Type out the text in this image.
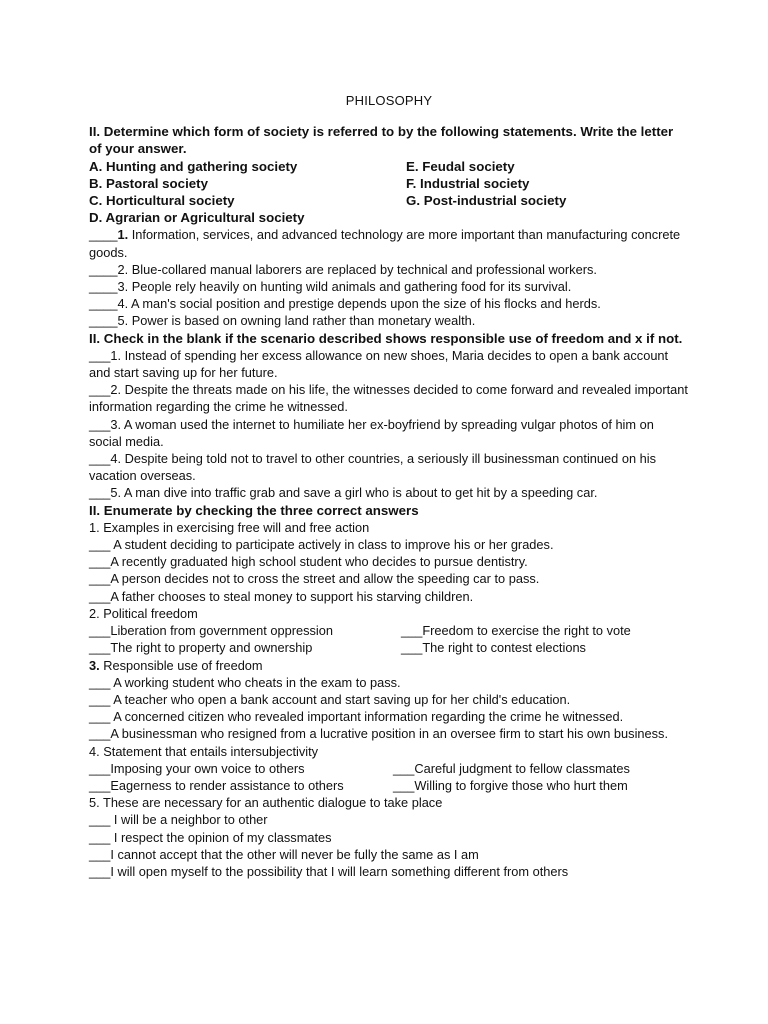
PHILOSOPHY
II. Determine which form of society is referred to by the following statements. Write the letter of your answer.
A. Hunting and gathering society	E. Feudal society
B. Pastoral society	F. Industrial society
C. Horticultural society	G. Post-industrial society
D. Agrarian or Agricultural society
____1. Information, services, and advanced technology are more important than manufacturing concrete goods.
____2. Blue-collared manual laborers are replaced by technical and professional workers.
____3. People rely heavily on hunting wild animals and gathering food for its survival.
____4. A man's social position and prestige depends upon the size of his flocks and herds.
____5. Power is based on owning land rather than monetary wealth.
II. Check in the blank if the scenario described shows responsible use of freedom and x if not.
___1. Instead of spending her excess allowance on new shoes, Maria decides to open a bank account and start saving up for her future.
___2. Despite the threats made on his life, the witnesses decided to come forward and revealed important information regarding the crime he witnessed.
___3. A woman used the internet to humiliate her ex-boyfriend by spreading vulgar photos of him on social media.
___4. Despite being told not to travel to other countries, a seriously ill businessman continued on his vacation overseas.
___5. A man dive into traffic grab and save a girl who is about to get hit by a speeding car.
II. Enumerate by checking the three correct answers
1. Examples in exercising free will and free action
___ A student deciding to participate actively in class to improve his or her grades.
___A recently graduated high school student who decides to pursue dentistry.
___A person decides not to cross the street and allow the speeding car to pass.
___A father chooses to steal money to support his starving children.
2. Political freedom
___Liberation from government oppression	___Freedom to exercise the right to vote
___The right to property and ownership	___The right to contest elections
3. Responsible use of freedom
___ A working student who cheats in the exam to pass.
___ A teacher who open a bank account and start saving up for her child's education.
___ A concerned citizen who revealed important information regarding the crime he witnessed.
___A businessman who resigned from a lucrative position in an oversee firm to start his own business.
4. Statement that entails intersubjectivity
___Imposing your own voice to others	___Careful judgment to fellow classmates
___Eagerness to render assistance to others	___Willing to forgive those who hurt them
5. These are necessary for an authentic dialogue to take place
___ I will be a neighbor to other
___ I respect the opinion of my classmates
___I cannot accept that the other will never be fully the same as I am
___I will open myself to the possibility that I will learn something different from others
